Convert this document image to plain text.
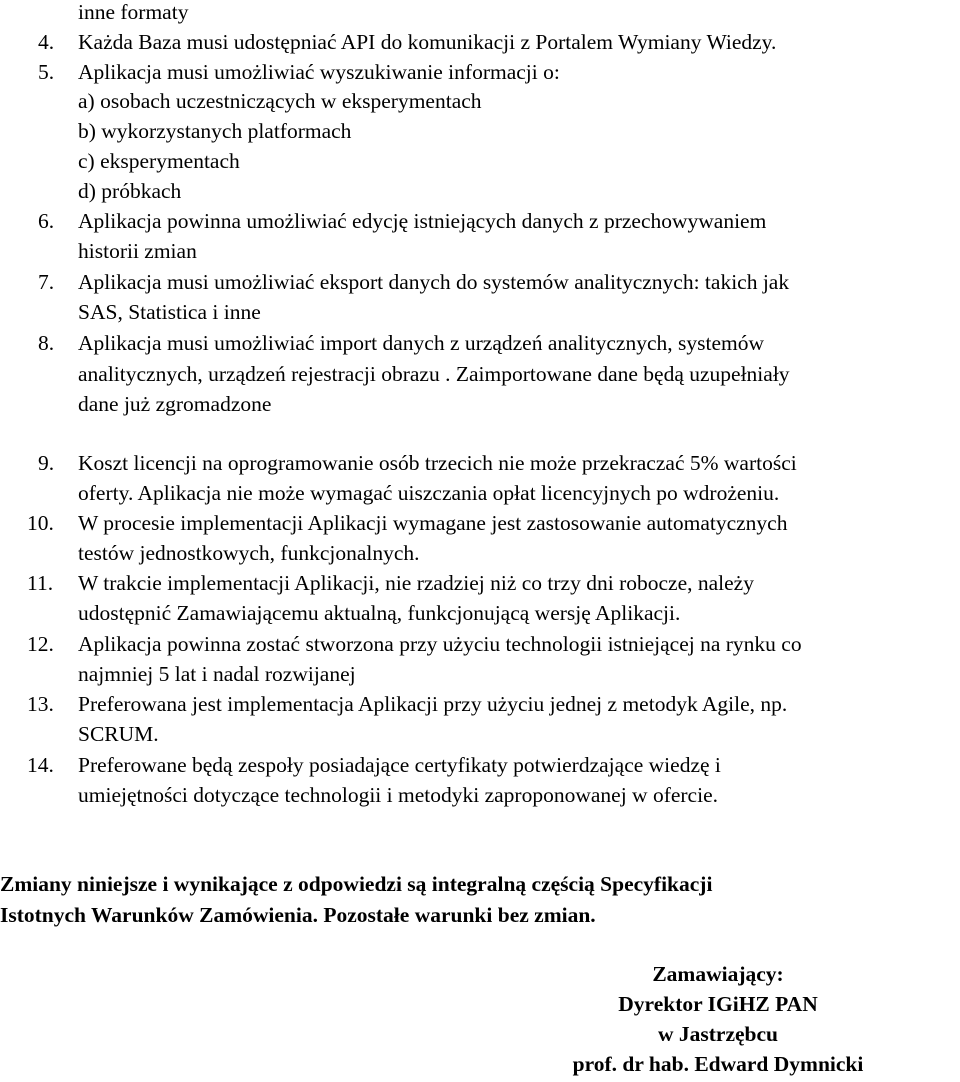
inne formaty
4. Każda Baza musi udostępniać API do komunikacji z Portalem Wymiany Wiedzy.
5. Aplikacja musi umożliwiać wyszukiwanie informacji o:
a) osobach uczestniczących w eksperymentach
b) wykorzystanych platformach
c) eksperymentach
d) próbkach
6. Aplikacja powinna umożliwiać edycję istniejących danych z przechowywaniem
historii zmian
7. Aplikacja musi umożliwiać eksport danych do systemów analitycznych: takich jak
SAS, Statistica i inne
8. Aplikacja musi umożliwiać import danych z urządzeń analitycznych, systemów
analitycznych, urządzeń rejestracji obrazu . Zaimportowane dane będą uzupełniały
dane już zgromadzone
9. Koszt licencji na oprogramowanie osób trzecich nie może przekraczać 5% wartości
oferty. Aplikacja nie może wymagać uiszczania opłat licencyjnych po wdrożeniu.
10. W procesie implementacji Aplikacji wymagane jest zastosowanie automatycznych
testów jednostkowych, funkcjonalnych.
11. W trakcie implementacji Aplikacji, nie rzadziej niż co trzy dni robocze, należy
udostępnić Zamawiającemu aktualną, funkcjonującą wersję Aplikacji.
12. Aplikacja powinna zostać stworzona przy użyciu technologii istniejącej na rynku co
najmniej 5 lat i nadal rozwijanej
13. Preferowana jest implementacja Aplikacji przy użyciu jednej z metodyk Agile, np.
SCRUM.
14. Preferowane będą zespoły posiadające certyfikaty potwierdzające wiedzę i
umiejętności dotyczące technologii i metodyki zaproponowanej w ofercie.
Zmiany niniejsze i wynikające z odpowiedzi są integralną częścią Specyfikacji
Istotnych Warunków Zamówienia. Pozostałe warunki bez zmian.
Zamawiający:
Dyrektor IGiHZ PAN
w Jastrzębcu
prof. dr hab. Edward Dymnicki
